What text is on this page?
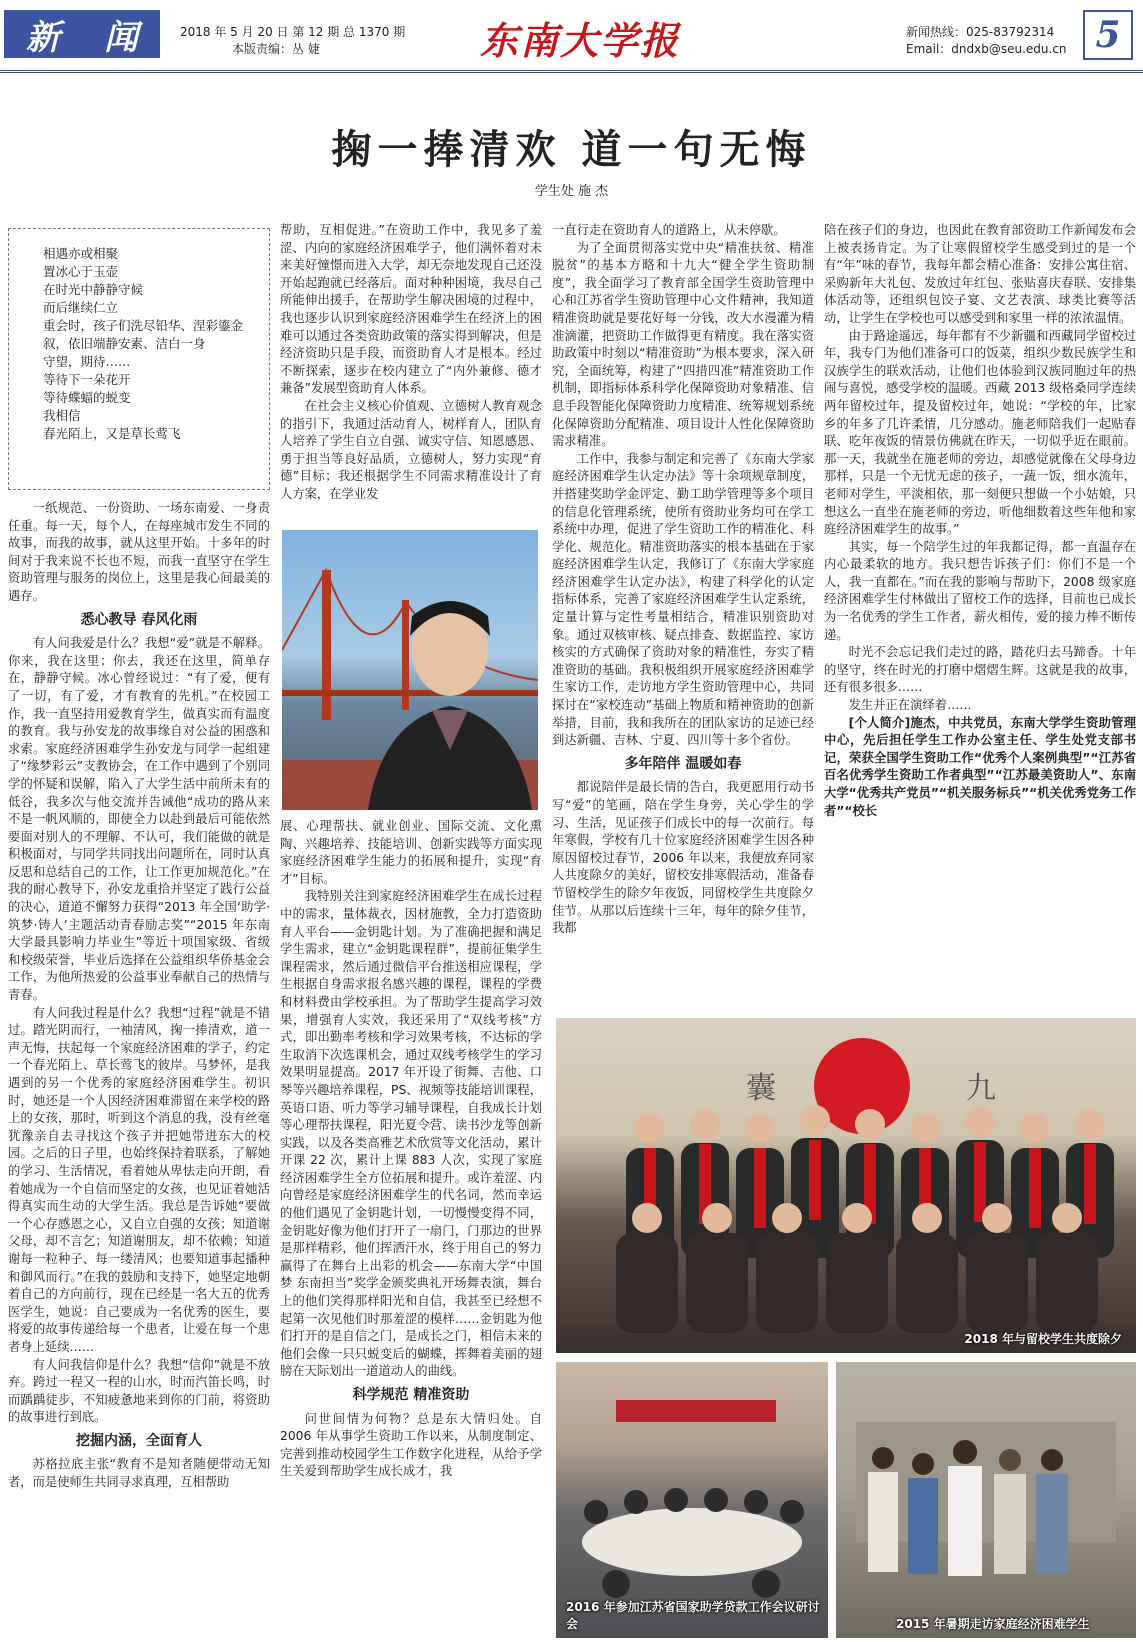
新 闻	2018 年 5 月 20 日 第 12 期 总 1370 期
本版责编：丛 婕	东南大学报	新闻热线：025-83792314
Email：dndxb@seu.edu.cn 5
掬一捧清欢 道一句无悔
学生处 施 杰
相遇亦或相聚
置冰心于玉壶
在时光中静静守候
而后继续仁立
重会时，孩子们洗尽铅华、涅彩鎏金
叙，依旧端静安素、洁白一身
守望，期待……
等待下一朵花开
等待蝶蝠的蜕变
我相信
春光陌上，又是草长莺飞

一纸规范、一份资助、一场东南爱、一身责任重。每一天，每个人，在每座城市发生不同的故事，而我的故事，就从这里开始。十多年的时间对于我来说不长也不短，而我一直坚守在学生资助管理与服务的岗位上，这里是我心间最美的遇存。

悉心教导 春风化雨

有人问我爱是什么？我想“爱”就是不解释。你来，我在这里；你去，我还在这里，简单存在，静静守候。冰心曾经说过：“有了爱，便有了一切，有了爱，才有教育的先机。”在校园工作，我一直坚持用爱教育学生，做真实而有温度的教育。我与孙安龙的故事缘自对公益的困惑和求索。家庭经济困难学生孙安龙与同学一起组建了“缘梦彩云”支教协会，在工作中遇到了个别同学的怀疑和误解，陷入了大学生活中前所未有的低谷，我多次与他交流并告诫他“成功的路从来不是一帆风顺的，即使全力以赴到最后可能依然要面对别人的不理解、不认可，我们能做的就是积极面对，与同学共同找出问题所在，同时认真反思和总结自己的工作，让工作更加规范化。”在我的耐心教导下，孙安龙重拾并坚定了践行公益的决心，道道不懈努力获得“2013 年全国‘助学·筑梦·铸人’主题活动青春励志奖”“2015 年东南大学最具影响力毕业生”等近十项国家级、省级和校级荣誉，毕业后选择在公益组织华侨基金会工作，为他所热爱的公益事业奉献自己的热情与青春。

有人问我过程是什么？我想“过程”就是不错过。踏光阴而行，一袖清风，掬一捧清欢，道一声无悔，扶起每一个家庭经济困难的学子，约定一个春光陌上、草长莺飞的彼岸。马梦怀，是我遇到的另一个优秀的家庭经济困难学生。初识时，她还是一个人因经济困难滞留在来学校的路上的女孩，那时，听到这个消息的我，没有丝毫犹豫亲自去寻找这个孩子并把她带进东大的校园。之后的日子里，也始终保持着联系，了解她的学习、生活情况，看着她从卑怯走向开朗，看着她成为一个自信而坚定的女孩，也见证着她活得真实而生动的大学生活。我总是告诉她“要做一个心存感恩之心，又自立自强的女孩；知道谢父母，却不言乞；知道谢朋友，却不依赖；知道谢每一粒种子、每一缕清风；也要知道事起播种和御风而行。”在我的鼓励和支持下，她坚定地朝着自己的方向前行，现在已经是一名大五的优秀医学生，她说：自己要成为一名优秀的医生，要将爱的故事传递给每一个患者，让爱在每一个患者身上延续……

有人问我信仰是什么？我想“信仰”就是不放弃。跨过一程又一程的山水，时而汽笛长鸣，时而踽踽徒步，不知疲惫地来到你的门前，将资助的故事进行到底。

挖掘内涵，全面育人

苏格拉底主张“教育不是知者随便带动无知者，而是使师生共同寻求真理，互相帮助

帮助，互相促进。”在资助工作中，我见多了羞涩、内向的家庭经济困难学子，他们满怀着对未来美好憧憬而进入大学，却无奈地发现自己还没开始起跑就已经落后。面对种种困境，我尽自己所能伸出援手，在帮助学生解决困境的过程中，我也逐步认识到家庭经济困难学生在经济上的困难可以通过各类资助政策的落实得到解决，但是经济资助只是手段，而资助育人才是根本。经过不断探索，逐步在校内建立了“内外兼修、德才兼备”发展型资助育人体系。

在社会主义核心价值观、立德树人教育观念的指引下，我通过活动育人，树样育人，团队育人培养了学生自立自强、诚实守信、知恩感恩、勇于担当等良好品质，立德树人，努力实现“育德”目标；我还根据学生不同需求精准设计了育人方案，在学业发

展、心理帮扶、就业创业、国际交流、文化熏陶、兴趣培养、技能培训、创新实践等方面实现家庭经济困难学生能力的拓展和提升，实现“育才”目标。

我特别关注到家庭经济困难学生在成长过程中的需求，量体裁衣，因材施教，全力打造资助育人平台——金钥匙计划。为了准确把握和满足学生需求，建立“金钥匙课程群”，提前征集学生课程需求，然后通过微信平台推送相应课程，学生根据自身需求报名感兴趣的课程，课程的学费和材料费由学校承担。为了帮助学生提高学习效果，增强育人实效，我还采用了“双线考核”方式，即出勤率考核和学习效果考核，不达标的学生取消下次选课机会，通过双线考核学生的学习效果明显提高。2017 年开设了街舞、吉他、口琴等兴趣培养课程，PS、视频等技能培训课程，英语口语、听力等学习辅导课程，自我成长计划等心理帮扶课程，阳光夏令营、读书沙龙等创新实践，以及各类高雅艺术欣赏等文化活动，累计开课 22 次，累计上课 883 人次，实现了家庭经济困难学生全方位拓展和提升。或许羞涩、内向曾经是家庭经济困难学生的代名词，然而幸运的他们遇见了金钥匙计划，一切慢慢变得不同，金钥匙好像为他们打开了一扇门，门那边的世界是那样精彩，他们挥洒汗水，终于用自己的努力赢得了在舞台上出彩的机会——东南大学“中国梦 东南担当”奖学金颁奖典礼开场舞表演，舞台上的他们笑得那样阳光和自信，我甚至已经想不起第一次见他们时那羞涩的模样……金钥匙为他们打开的是自信之门，是成长之门，相信未来的他们会像一只只蜕变后的蝴蝶，挥舞着美丽的翅膀在天际划出一道道动人的曲线。

科学规范 精准资助

问世间情为何物？总是东大情归处。自 2006 年从事学生资助工作以来，从制度制定、完善到推动校园学生工作数字化进程，从给予学生关爱到帮助学生成长成才，我

一直行走在资助育人的道路上，从未停歇。

为了全面贯彻落实党中央“精准扶贫、精准脱贫”的基本方略和十九大“健全学生资助制度”，我全面学习了教育部全国学生资助管理中心和江苏省学生资助管理中心文件精神，我知道精准资助就是要花好每一分钱，改大水漫灌为精准滴灌，把资助工作做得更有精度。我在落实资助政策中时刻以“精准资助”为根本要求，深入研究，全面统筹，构建了“四措四准”精准资助工作机制，即指标体系科学化保障资助对象精准、信息手段智能化保障资助力度精准、统筹规划系统化保障资助分配精准、项目设计人性化保障资助需求精准。

工作中，我参与制定和完善了《东南大学家庭经济困难学生认定办法》等十余项规章制度，并搭建奖助学金评定、勤工助学管理等多个项目的信息化管理系统，使所有资助业务均可在学工系统中办理，促进了学生资助工作的精准化、科学化、规范化。精准资助落实的根本基础在于家庭经济困难学生认定，我修订了《东南大学家庭经济困难学生认定办法》，构建了科学化的认定指标体系，完善了家庭经济困难学生认定系统，定量计算与定性考量相结合，精准识别资助对象。通过双核审核、疑点排查、数据监控、家访核实的方式确保了资助对象的精准性，夯实了精准资助的基础。我积极组织开展家庭经济困难学生家访工作，走访地方学生资助管理中心，共同探讨在“家校连动”基础上物质和精神资助的创新举措，目前，我和我所在的团队家访的足迹已经到达新疆、吉林、宁夏、四川等十多个省份。

多年陪伴 温暖如春

都说陪伴是最长情的告白，我更愿用行动书写“爱”的笔画，陪在学生身旁，关心学生的学习、生活，见证孩子们成长中的每一次前行。每年寒假，学校有几十位家庭经济困难学生因各种原因留校过春节，2006 年以来，我便放弃同家人共度除夕的美好，留校安排寒假活动，准备春节留校学生的除夕年夜饭，同留校学生共度除夕佳节。从那以后连续十三年，每年的除夕佳节，我都

陪在孩子们的身边，也因此在教育部资助工作新闻发布会上被表扬肯定。为了让寒假留校学生感受到过的是一个有“年”味的春节，我每年都会精心准备：安排公寓住宿、采购新年大礼包、发放过年红包、张贴喜庆春联、安排集体活动等，还组织包饺子宴、文艺表演、球类比赛等活动，让学生在学校也可以感受到和家里一样的浓浓温情。

由于路途遥远，每年都有不少新疆和西藏同学留校过年，我专门为他们准备可口的饭菜，组织少数民族学生和汉族学生的联欢活动，让他们也体验到汉族同胞过年的热闹与喜悦，感受学校的温暖。西藏 2013 级格桑同学连续两年留校过年，提及留校过年，她说：“学校的年，比家乡的年多了几许柔情，几分感动。施老师陪我们一起贴春联、吃年夜饭的情景仿佛就在昨天，一切似乎近在眼前。那一天，我就坐在施老师的旁边，却感觉就像在父母身边那样，只是一个无忧无虑的孩子，一蔬一饭，细水流年，老师对学生，平淡相依，那一刻便只想做一个小姑娘，只想这么一直坐在施老师的旁边，听他细数着这些年他和家庭经济困难学生的故事。”

其实，每一个陪学生过的年我都记得，都一直温存在内心最柔软的地方。我只想告诉孩子们：你们不是一个人，我一直都在。”而在我的影响与帮助下，2008 级家庭经济困难学生付林做出了留校工作的选择，目前也已成长为一名优秀的学生工作者，薪火相传，爱的接力棒不断传递。

时光不会忘记我们走过的路，踏花归去马蹄香。十年的坚守，终在时光的打磨中熠熠生辉。这就是我的故事，还有很多很多……

发生并正在演绎着……

[个人简介]施杰，中共党员，东南大学学生资助管理中心，先后担任学生工作办公室主任、学生处党支部书记，荣获全国学生资助工作“优秀个人案例典型”“江苏省百名优秀学生资助工作者典型”“江苏最美资助人”、东南大学“优秀共产党员”“机关服务标兵”“机关优秀党务工作者”“校长

囊	九
2018 年与留校学生共度除夕
2016 年参加江苏省国家助学贷款工作会议研讨会	2015 年暑期走访家庭经济困难学生
